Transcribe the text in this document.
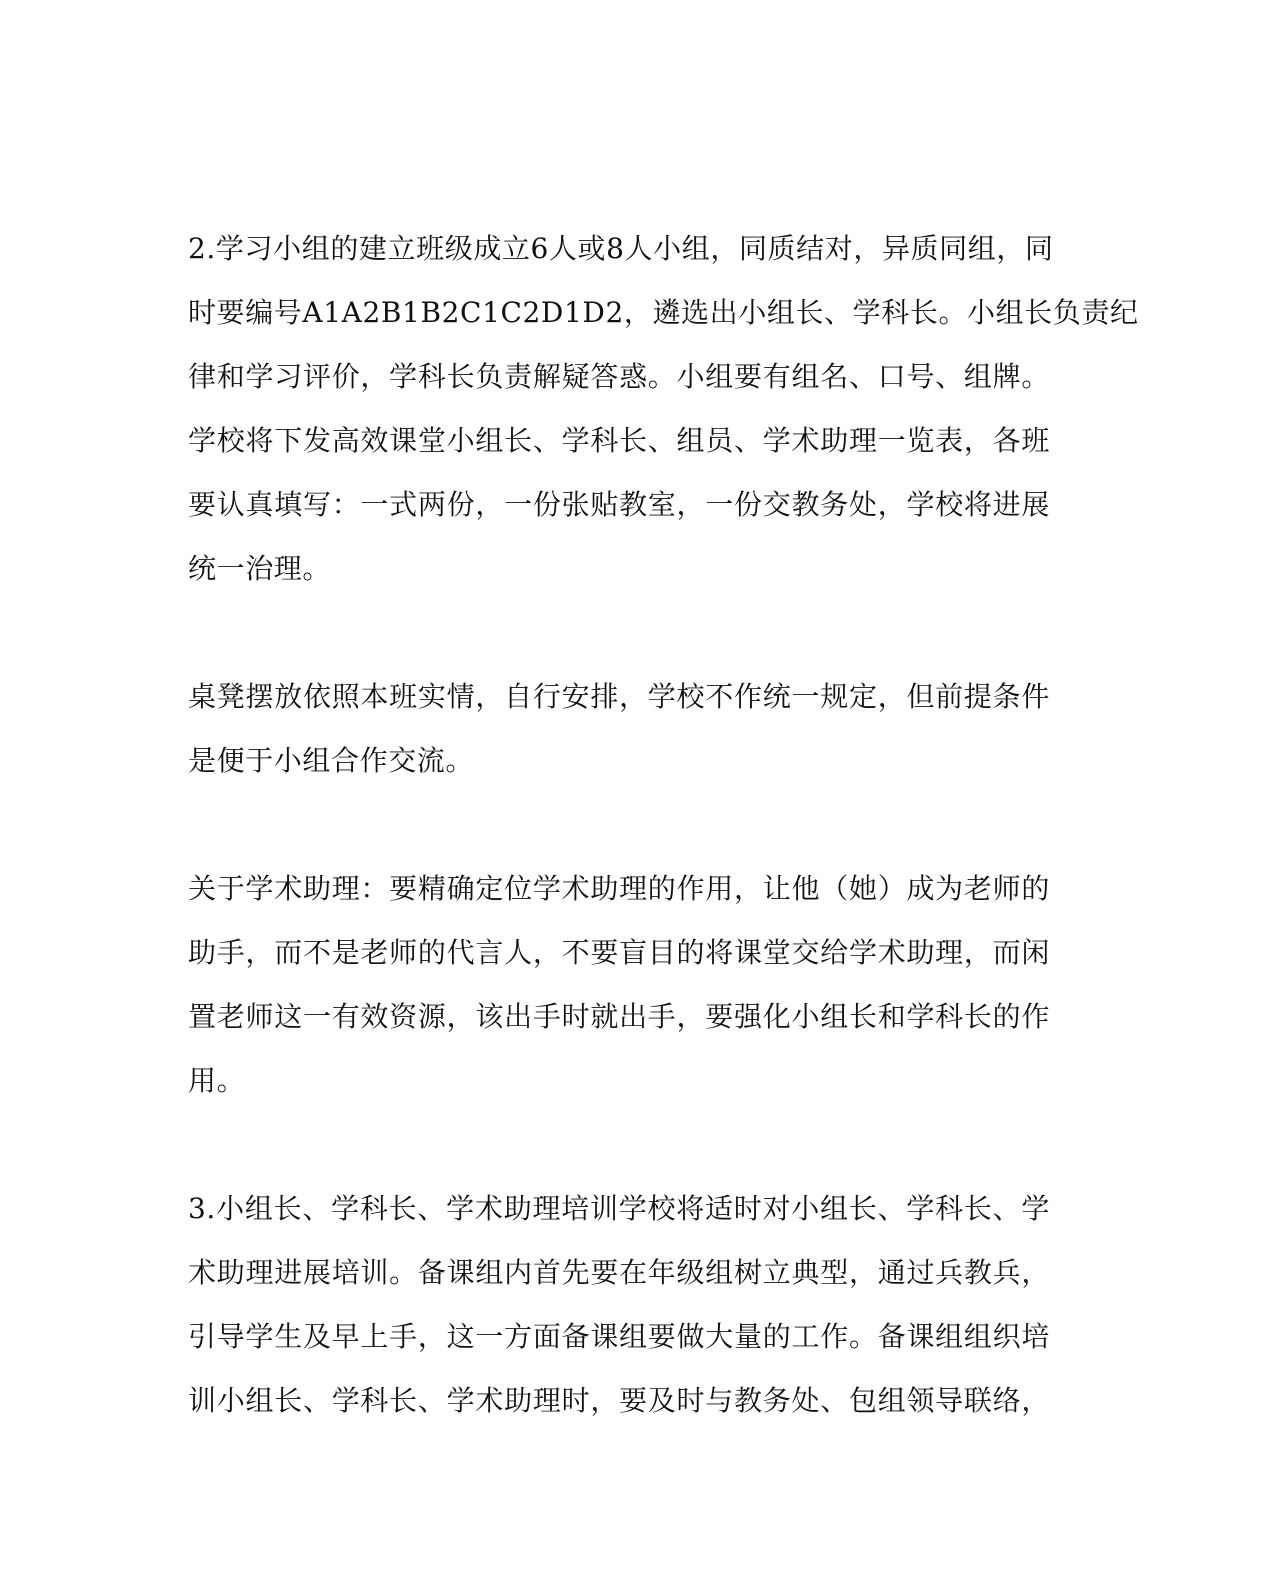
2.学习小组的建立班级成立6人或8人小组，同质结对，异质同组，同
时要编号A1A2B1B2C1C2D1D2，遴选出小组长、学科长。小组长负责纪
律和学习评价，学科长负责解疑答惑。小组要有组名、口号、组牌。
学校将下发高效课堂小组长、学科长、组员、学术助理一览表，各班
要认真填写：一式两份，一份张贴教室，一份交教务处，学校将进展
统一治理。
桌凳摆放依照本班实情，自行安排，学校不作统一规定，但前提条件
是便于小组合作交流。
关于学术助理：要精确定位学术助理的作用，让他（她）成为老师的
助手，而不是老师的代言人，不要盲目的将课堂交给学术助理，而闲
置老师这一有效资源，该出手时就出手，要强化小组长和学科长的作
用。
3.小组长、学科长、学术助理培训学校将适时对小组长、学科长、学
术助理进展培训。备课组内首先要在年级组树立典型，通过兵教兵，
引导学生及早上手，这一方面备课组要做大量的工作。备课组组织培
训小组长、学科长、学术助理时，要及时与教务处、包组领导联络，
